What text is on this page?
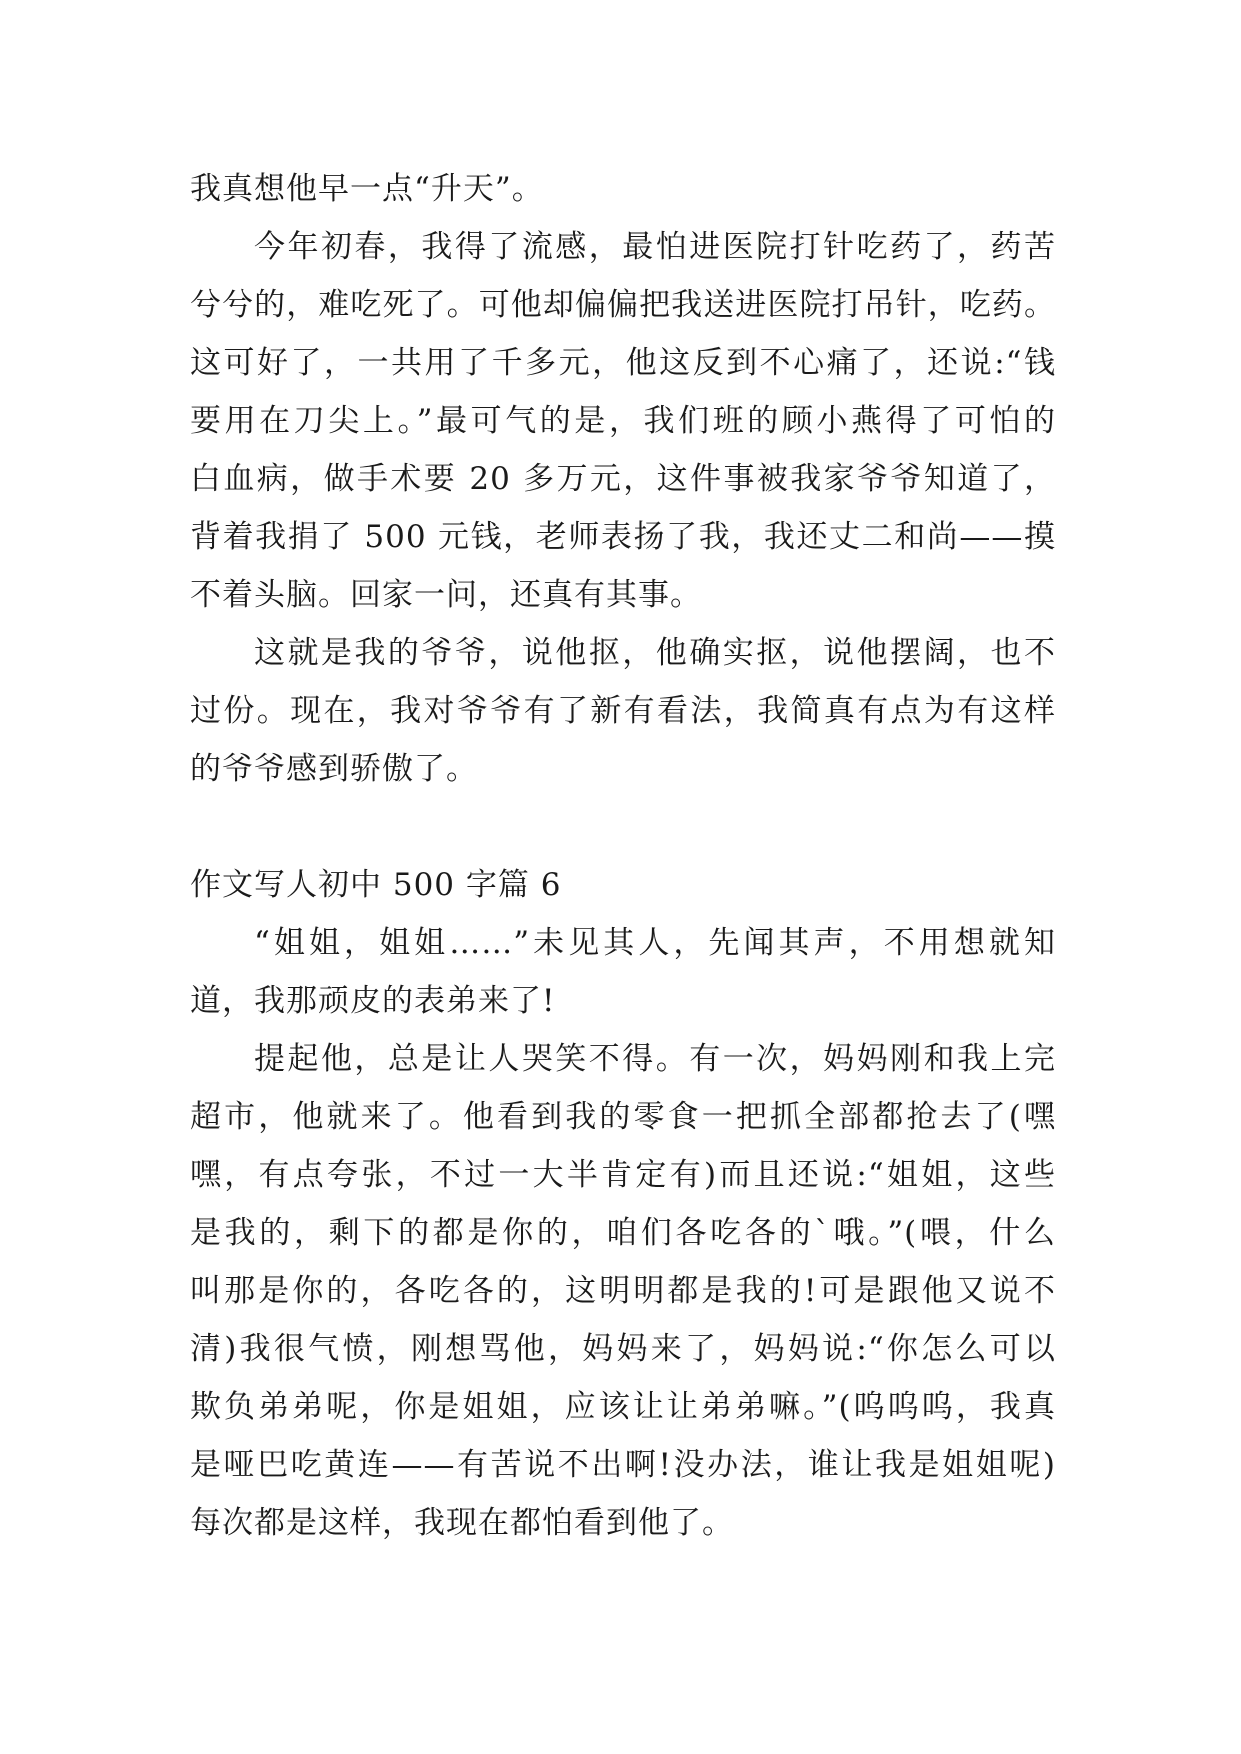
我真想他早一点“升天”。
今年初春，我得了流感，最怕进医院打针吃药了，药苦
兮兮的，难吃死了。可他却偏偏把我送进医院打吊针，吃药。
这可好了，一共用了千多元，他这反到不心痛了，还说:“钱
要用在刀尖上。”最可气的是，我们班的顾小燕得了可怕的
白血病，做手术要 20 多万元，这件事被我家爷爷知道了，
背着我捐了 500 元钱，老师表扬了我，我还丈二和尚——摸
不着头脑。回家一问，还真有其事。
这就是我的爷爷，说他抠，他确实抠，说他摆阔，也不
过份。现在，我对爷爷有了新有看法，我简真有点为有这样
的爷爷感到骄傲了。
作文写人初中 500 字篇 6
“姐姐，姐姐……”未见其人，先闻其声，不用想就知
道，我那顽皮的表弟来了!
提起他，总是让人哭笑不得。有一次，妈妈刚和我上完
超市，他就来了。他看到我的零食一把抓全部都抢去了(嘿
嘿，有点夸张，不过一大半肯定有)而且还说:“姐姐，这些
是我的，剩下的都是你的，咱们各吃各的`哦。”(喂，什么
叫那是你的，各吃各的，这明明都是我的!可是跟他又说不
清)我很气愤，刚想骂他，妈妈来了，妈妈说:“你怎么可以
欺负弟弟呢，你是姐姐，应该让让弟弟嘛。”(呜呜呜，我真
是哑巴吃黄连——有苦说不出啊!没办法，谁让我是姐姐呢)
每次都是这样，我现在都怕看到他了。
